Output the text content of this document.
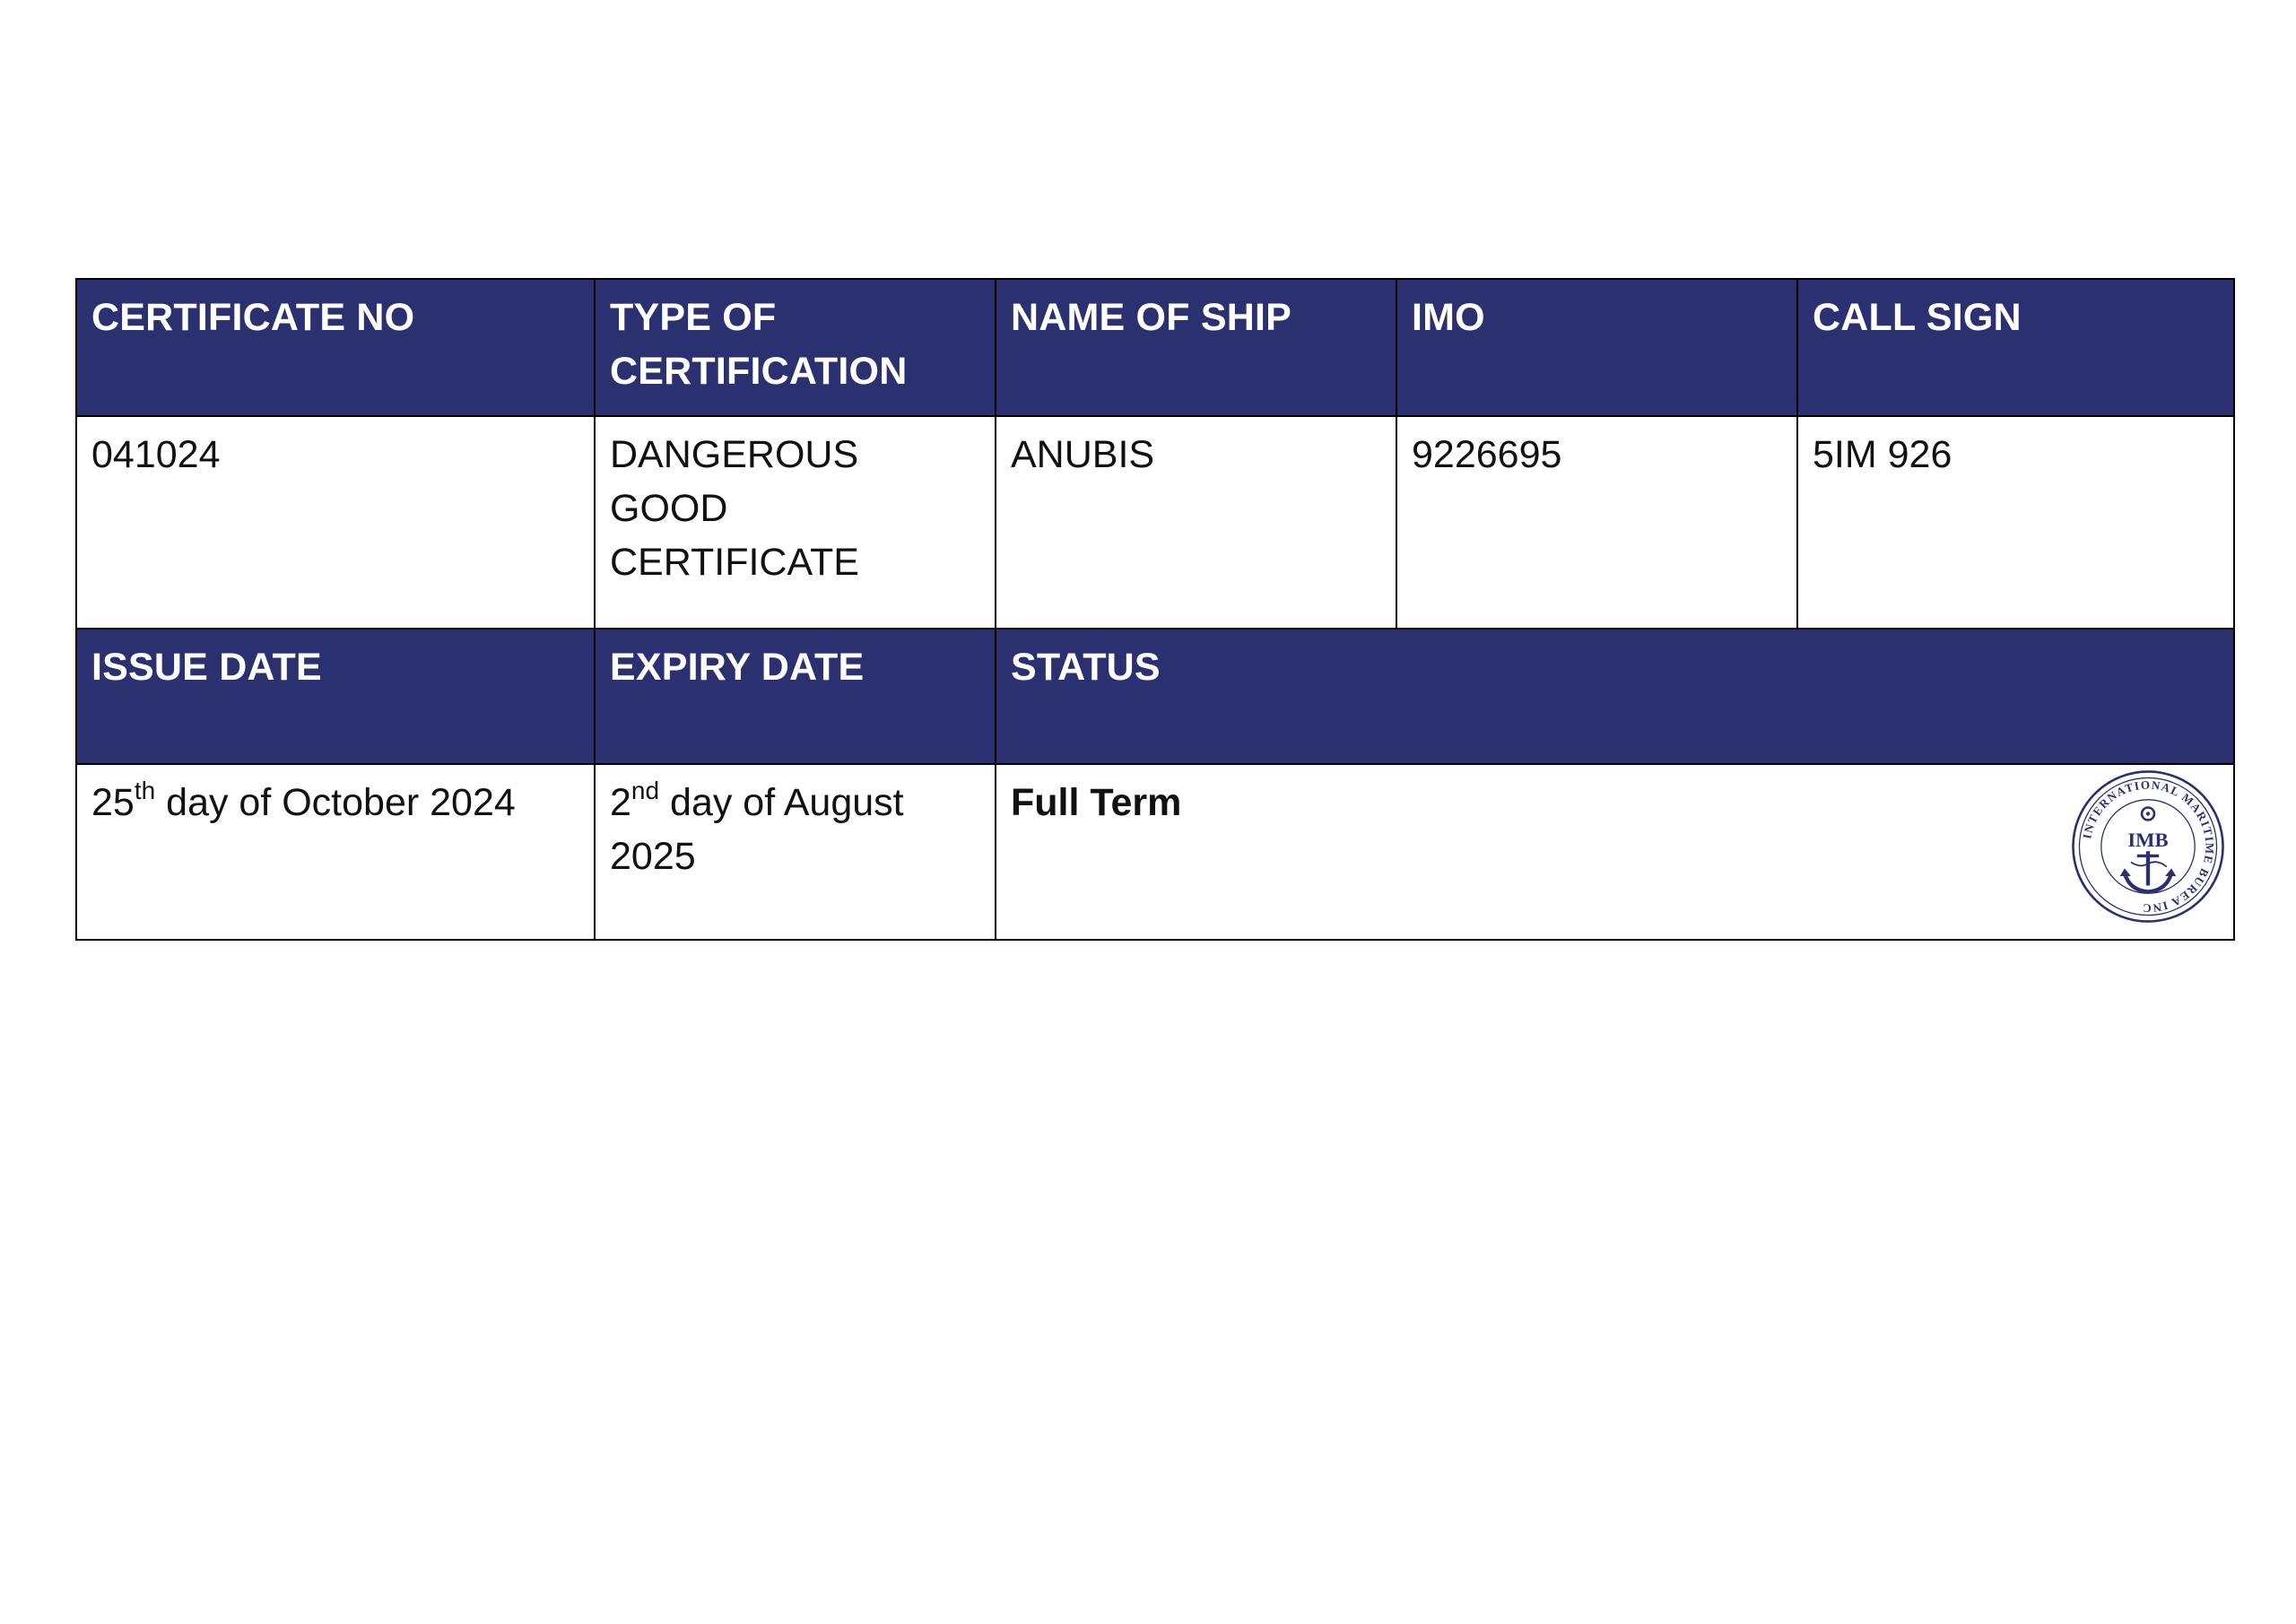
CERTIFICATE NO	TYPE OF CERTIFICATION	NAME OF SHIP	IMO	CALL SIGN
041024	DANGEROUS GOOD CERTIFICATE	ANUBIS	9226695	5IM 926
ISSUE DATE	EXPIRY DATE	STATUS		
25th day of October 2024	2nd day of August 2025	Full Term
INTERNATIONAL MARITIME BUREA INC
IMB		
